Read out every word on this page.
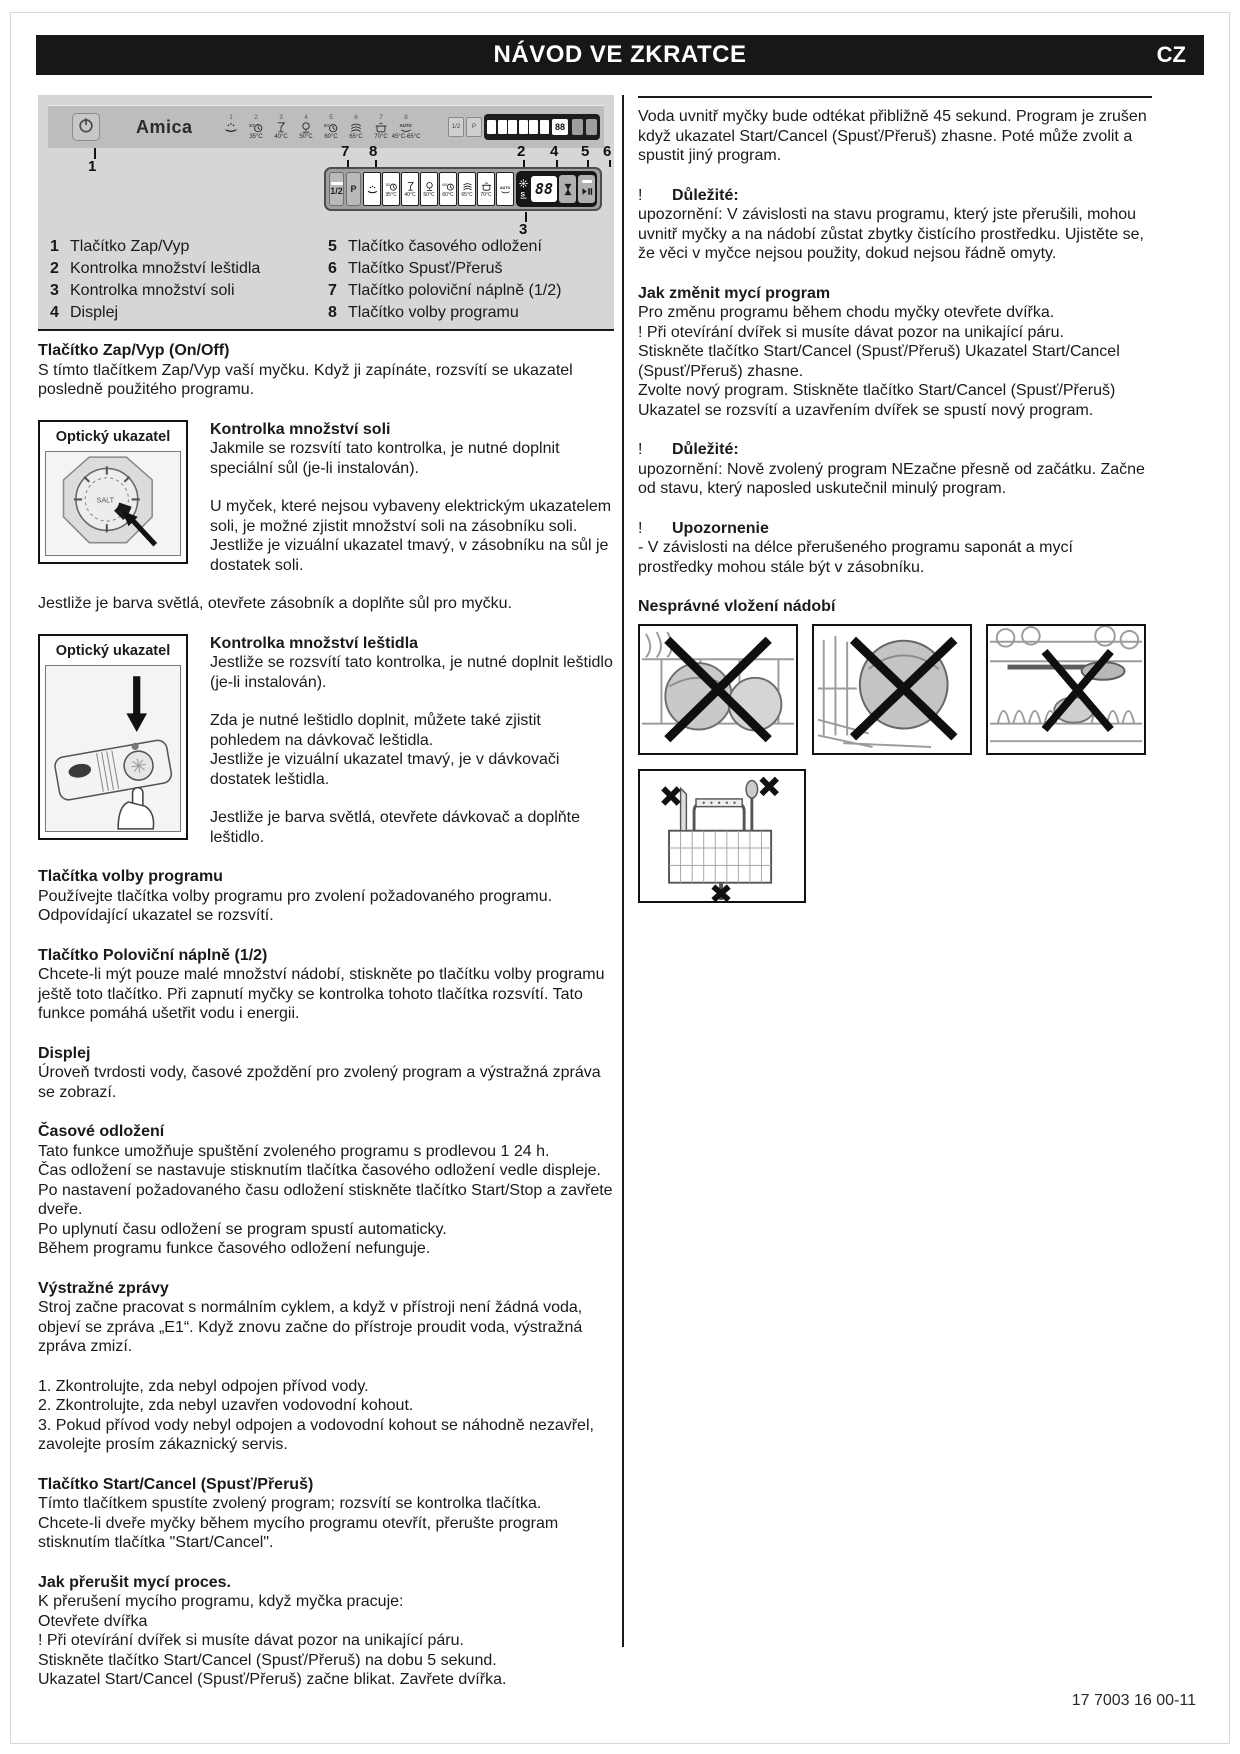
NÁVOD VE ZKRATCE	CZ
Amica	1	2
35°C
3
40°C
4
50°C
5
60°C
6
65°C
7
70°C
8
45°C-65°C
1/2	P	88
1
7 8	2 4 5 6
1/2 P
35°C 40°C 50°C 60°C 65°C 70°C	88
3
1 Tlačítko Zap/Vyp
2 Kontrolka množství leštidla
3 Kontrolka množství soli
4 Displej
5 Tlačítko časového odložení
6 Tlačítko Spusť/Přeruš
7 Tlačítko poloviční náplně (1/2)
8 Tlačítko volby programu
Tlačítko Zap/Vyp (On/Off)
S tímto tlačítkem Zap/Vyp vaší myčku. Když ji zapínáte, rozsvítí se ukazatel posledně použitého programu.
Optický ukazatel
SALT
Kontrolka množství soli
Jakmile se rozsvítí tato kontrolka, je nutné doplnit speciální sůl (je-li instalován).
U myček, které nejsou vybaveny elektrickým ukazatelem soli, je možné zjistit množství soli na zásobníku soli. Jestliže je vizuální ukazatel tmavý, v zásobníku na sůl je dostatek soli.
Jestliže je barva světlá, otevřete zásobník a doplňte sůl pro myčku.
Optický ukazatel	Kontrolka množství leštidla
Jestliže se rozsvítí tato kontrolka, je nutné doplnit leštidlo (je-li instalován).
Zda je nutné leštidlo doplnit, můžete také zjistit pohledem na dávkovač leštidla.
Jestliže je vizuální ukazatel tmavý, je v dávkovači dostatek leštidla.
Jestliže je barva světlá, otevřete dávkovač a doplňte leštidlo.
Tlačítka volby programu
Používejte tlačítka volby programu pro zvolení požadovaného programu. Odpovídající ukazatel se rozsvítí.
Tlačítko Poloviční náplně (1/2)
Chcete-li mýt pouze malé množství nádobí, stiskněte po tlačítku volby programu ještě toto tlačítko. Při zapnutí myčky se kontrolka tohoto tlačítka rozsvítí. Tato funkce pomáhá ušetřit vodu i energii.
Displej
Úroveň tvrdosti vody, časové zpoždění pro zvolený program a výstražná zpráva se zobrazí.
Časové odložení
Tato funkce umožňuje spuštění zvoleného programu s prodlevou 1 24 h.
Čas odložení se nastavuje stisknutím tlačítka časového odložení vedle displeje. Po nastavení požadovaného času odložení stiskněte tlačítko Start/Stop a zavřete dveře.
Po uplynutí času odložení se program spustí automaticky.
Během programu funkce časového odložení nefunguje.
Výstražné zprávy
Stroj začne pracovat s normálním cyklem, a když v přístroji není žádná voda, objeví se zpráva „E1“. Když znovu začne do přístroje proudit voda, výstražná zpráva zmizí.
1. Zkontrolujte, zda nebyl odpojen přívod vody.
2. Zkontrolujte, zda nebyl uzavřen vodovodní kohout.
3. Pokud přívod vody nebyl odpojen a vodovodní kohout se náhodně nezavřel, zavolejte prosím zákaznický servis.
Tlačítko Start/Cancel (Spusť/Přeruš)
Tímto tlačítkem spustíte zvolený program; rozsvítí se kontrolka tlačítka.
Chcete-li dveře myčky během mycího programu otevřít, přerušte program stisknutím tlačítka "Start/Cancel".
Jak přerušit mycí proces.
K přerušení mycího programu, když myčka pracuje:
Otevřete dvířka
! Při otevírání dvířek si musíte dávat pozor na unikající páru.
Stiskněte tlačítko Start/Cancel (Spusť/Přeruš) na dobu 5 sekund.
Ukazatel Start/Cancel (Spusť/Přeruš) začne blikat. Zavřete dvířka.
Voda uvnitř myčky bude odtékat přibližně 45 sekund. Program je zrušen když ukazatel Start/Cancel (Spusť/Přeruš) zhasne. Poté může zvolit a spustit jiný program.
!	Důležité:
upozornění: V závislosti na stavu programu, který jste přerušili, mohou uvnitř myčky a na nádobí zůstat zbytky čistícího prostředku. Ujistěte se, že věci v myčce nejsou použity, dokud nejsou řádně omyty.
Jak změnit mycí program
Pro změnu programu během chodu myčky otevřete dvířka.
! Při otevírání dvířek si musíte dávat pozor na unikající páru.
Stiskněte tlačítko Start/Cancel (Spusť/Přeruš) Ukazatel Start/Cancel (Spusť/Přeruš) zhasne.
Zvolte nový program. Stiskněte tlačítko Start/Cancel (Spusť/Přeruš)
Ukazatel se rozsvítí a uzavřením dvířek se spustí nový program.
!	Důležité:
upozornění: Nově zvolený program NEzačne přesně od začátku. Začne od stavu, který naposled uskutečnil minulý program.
!	Upozornenie
- V závislosti na délce přerušeného programu saponát a mycí prostředky mohou stále být v zásobníku.
Nesprávné vložení nádobí
17 7003 16 00-11
